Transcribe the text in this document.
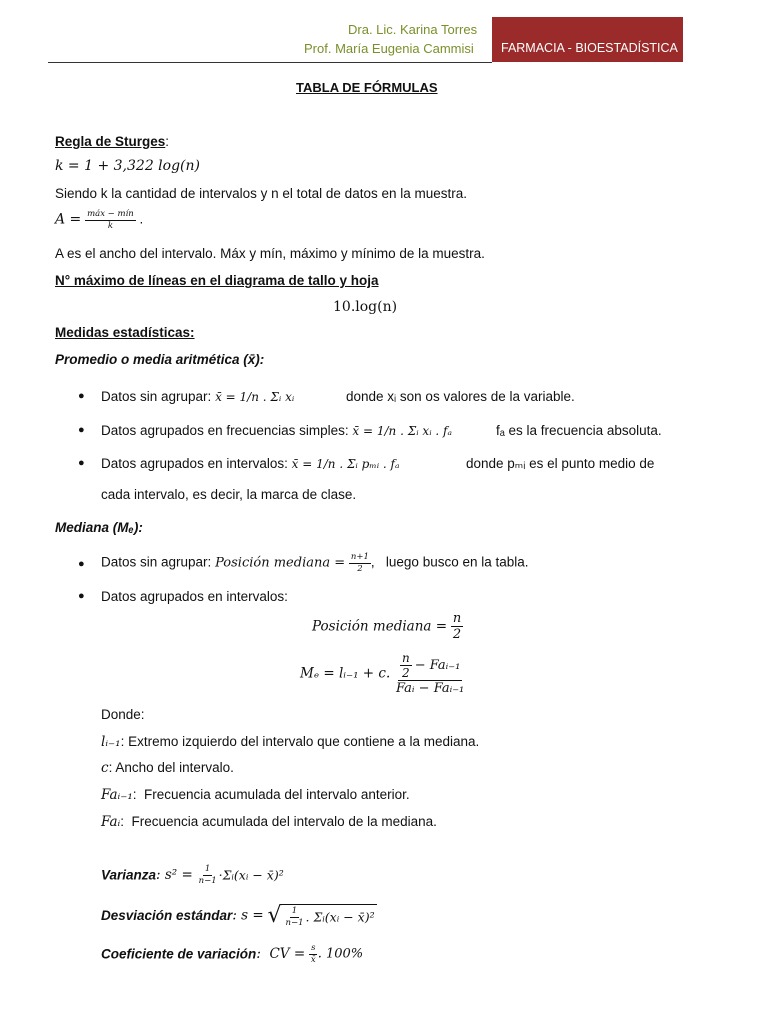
Dra. Lic. Karina Torres
Prof. María Eugenia Cammisi FARMACIA - BIOESTADÍSTICA
TABLA DE FÓRMULAS
Regla de Sturges:
k = 1 + 3,322 log(n)
Siendo k la cantidad de intervalos y n el total de datos en la muestra.
$A = \frac{\text{máx − mín}}{k}$ .
A es el ancho del intervalo. Máx y mín, máximo y mínimo de la muestra.
N° máximo de líneas en el diagrama de tallo y hoja
10.log(n)
Medidas estadísticas:
Promedio o media aritmética (x̄):
● Datos sin agrupar: x̄ = 1/n . Σᵢ xᵢ	donde xᵢ son os valores de la variable.
● Datos agrupados en frecuencias simples: x̄ = 1/n . Σᵢ xᵢ . fₐ	fₐ es la frecuencia absoluta.
● Datos agrupados en intervalos: x̄ = 1/n . Σᵢ pₘᵢ . fₐ	donde pₘᵢ es el punto medio de
cada intervalo, es decir, la marca de clase.
Mediana (Mₑ):
● Datos sin agrupar: Posición mediana = $\frac{n+1}{2}$ ,   luego busco en la tabla.
● Datos agrupados en intervalos:
Posición mediana = $\frac{n}{2}$
Mₑ = lᵢ₋₁ + c. $\frac{\frac{n}{2} - Faᵢ_{-1}}{\text{Faᵢ − Faᵢ₋₁}}$
Donde:
lᵢ₋₁: Extremo izquierdo del intervalo que contiene a la mediana.
c: Ancho del intervalo.
Faᵢ₋₁:  Frecuencia acumulada del intervalo anterior.
Faᵢ:  Frecuencia acumulada del intervalo de la mediana.
Varianza: $s^2 = \frac{1}{n-1}$ ·Σᵢ(xᵢ − x̄)²
Desviación estándar: s = √ $\frac{1}{n-1}$ . Σᵢ(xᵢ − x̄)²
Coeficiente de variación:  CV = $\frac{s}{x̄}$ . 100%
